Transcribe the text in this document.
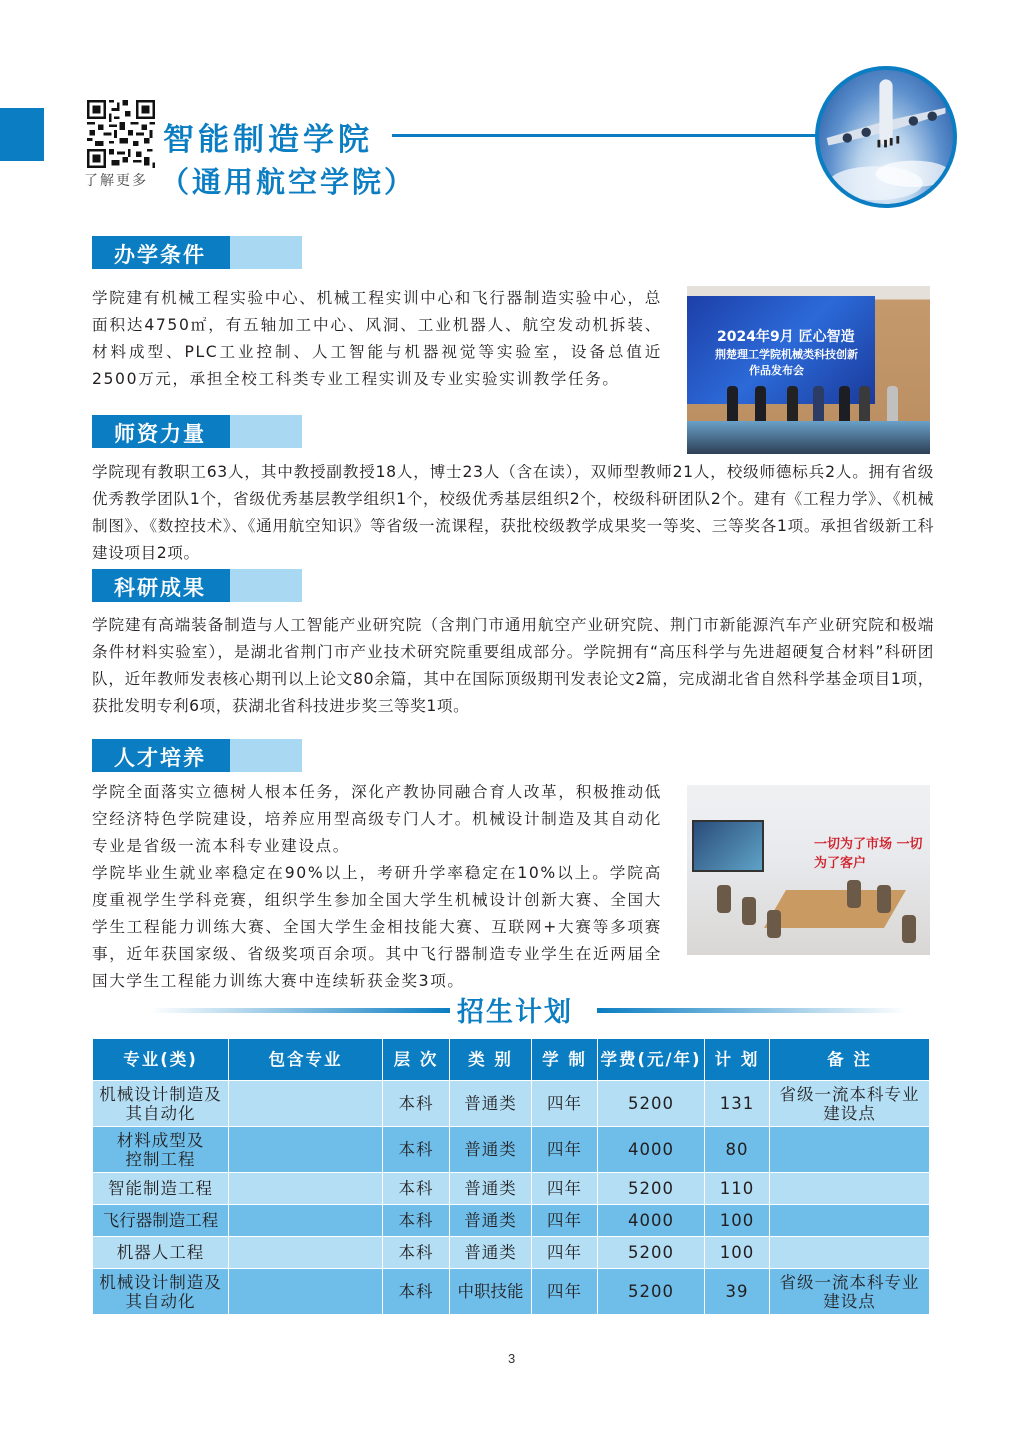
了解更多
智能制造学院
（通用航空学院）
办学条件
学院建有机械工程实验中心、机械工程实训中心和飞行器制造实验中心，总面积达4750㎡，有五轴加工中心、风洞、工业机器人、航空发动机拆装、材料成型、PLC工业控制、人工智能与机器视觉等实验室，设备总值近2500万元，承担全校工科类专业工程实训及专业实验实训教学任务。
2024年9月 匠心智造
荆楚理工学院机械类科技创新
作品发布会
师资力量
学院现有教职工63人，其中教授副教授18人，博士23人（含在读），双师型教师21人，校级师德标兵2人。拥有省级优秀教学团队1个，省级优秀基层教学组织1个，校级优秀基层组织2个，校级科研团队2个。建有《工程力学》、《机械制图》、《数控技术》、《通用航空知识》等省级一流课程，获批校级教学成果奖一等奖、三等奖各1项。承担省级新工科建设项目2项。
科研成果
学院建有高端装备制造与人工智能产业研究院（含荆门市通用航空产业研究院、荆门市新能源汽车产业研究院和极端条件材料实验室），是湖北省荆门市产业技术研究院重要组成部分。学院拥有“高压科学与先进超硬复合材料”科研团队，近年教师发表核心期刊以上论文80余篇，其中在国际顶级期刊发表论文2篇，完成湖北省自然科学基金项目1项，获批发明专利6项，获湖北省科技进步奖三等奖1项。
人才培养
学院全面落实立德树人根本任务，深化产教协同融合育人改革，积极推动低空经济特色学院建设，培养应用型高级专门人才。机械设计制造及其自动化专业是省级一流本科专业建设点。
学院毕业生就业率稳定在90%以上，考研升学率稳定在10%以上。学院高度重视学生学科竞赛，组织学生参加全国大学生机械设计创新大赛、全国大学生工程能力训练大赛、全国大学生金相技能大赛、互联网+大赛等多项赛事，近年获国家级、省级奖项百余项。其中飞行器制造专业学生在近两届全国大学生工程能力训练大赛中连续斩获金奖3项。
一切为了市场 一切为了客户
招生计划
专业(类)	包含专业	层 次	类 别	学 制	学费(元/年)	计 划	备 注
机械设计制造及其自动化		本科	普通类	四年	5200	131	省级一流本科专业建设点
材料成型及控制工程		本科	普通类	四年	4000	80	
智能制造工程		本科	普通类	四年	5200	110	
飞行器制造工程		本科	普通类	四年	4000	100	
机器人工程		本科	普通类	四年	5200	100	
机械设计制造及其自动化		本科	中职技能	四年	5200	39	省级一流本科专业建设点
3
